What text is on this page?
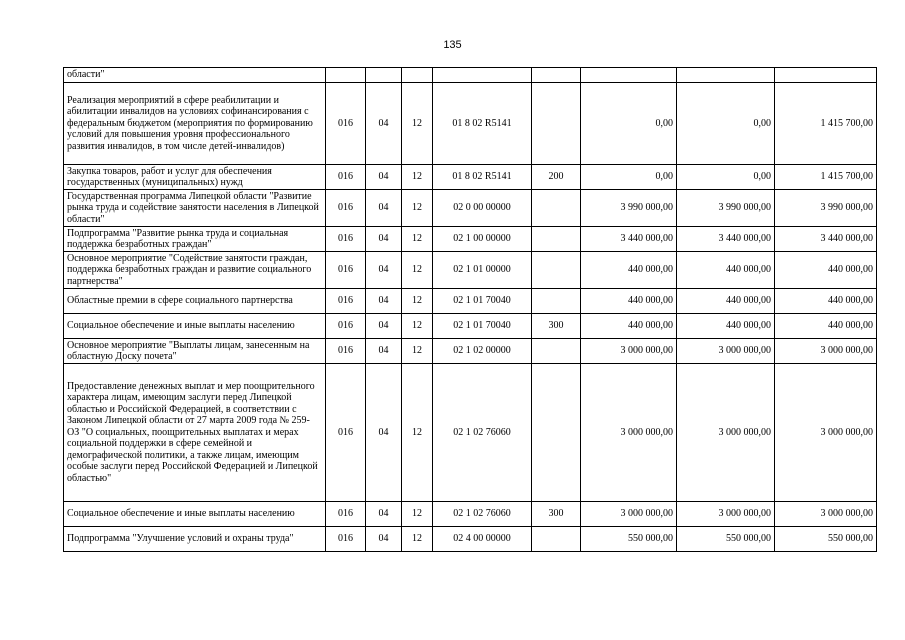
135
области"								
Реализация мероприятий в сфере реабилитации и абилитации инвалидов на условиях софинансирования с федеральным бюджетом (мероприятия по формированию условий для повышения уровня профессионального развития инвалидов, в том числе детей-инвалидов)	016	04	12	01 8 02 R5141		0,00	0,00	1 415 700,00
Закупка товаров, работ и услуг для обеспечения государственных (муниципальных) нужд	016	04	12	01 8 02 R5141	200	0,00	0,00	1 415 700,00
Государственная программа Липецкой области "Развитие рынка труда и содействие занятости населения в Липецкой области"	016	04	12	02 0 00 00000		3 990 000,00	3 990 000,00	3 990 000,00
Подпрограмма "Развитие рынка труда и социальная поддержка безработных граждан"	016	04	12	02 1 00 00000		3 440 000,00	3 440 000,00	3 440 000,00
Основное мероприятие "Содействие занятости граждан, поддержка безработных граждан и развитие социального партнерства"	016	04	12	02 1 01 00000		440 000,00	440 000,00	440 000,00
Областные премии в сфере социального партнерства	016	04	12	02 1 01 70040		440 000,00	440 000,00	440 000,00
Социальное обеспечение и иные выплаты населению	016	04	12	02 1 01 70040	300	440 000,00	440 000,00	440 000,00
Основное мероприятие "Выплаты лицам, занесенным на областную Доску почета"	016	04	12	02 1 02 00000		3 000 000,00	3 000 000,00	3 000 000,00
Предоставление денежных выплат и мер поощрительного характера лицам, имеющим заслуги перед Липецкой областью и Российской Федерацией, в соответствии с Законом Липецкой области от 27 марта 2009 года № 259-ОЗ "О социальных, поощрительных выплатах и мерах социальной поддержки в сфере семейной и демографической политики, а также лицам, имеющим особые заслуги перед Российской Федерацией и Липецкой областью"	016	04	12	02 1 02 76060		3 000 000,00	3 000 000,00	3 000 000,00
Социальное обеспечение и иные выплаты населению	016	04	12	02 1 02 76060	300	3 000 000,00	3 000 000,00	3 000 000,00
Подпрограмма "Улучшение условий и охраны труда"	016	04	12	02 4 00 00000		550 000,00	550 000,00	550 000,00
